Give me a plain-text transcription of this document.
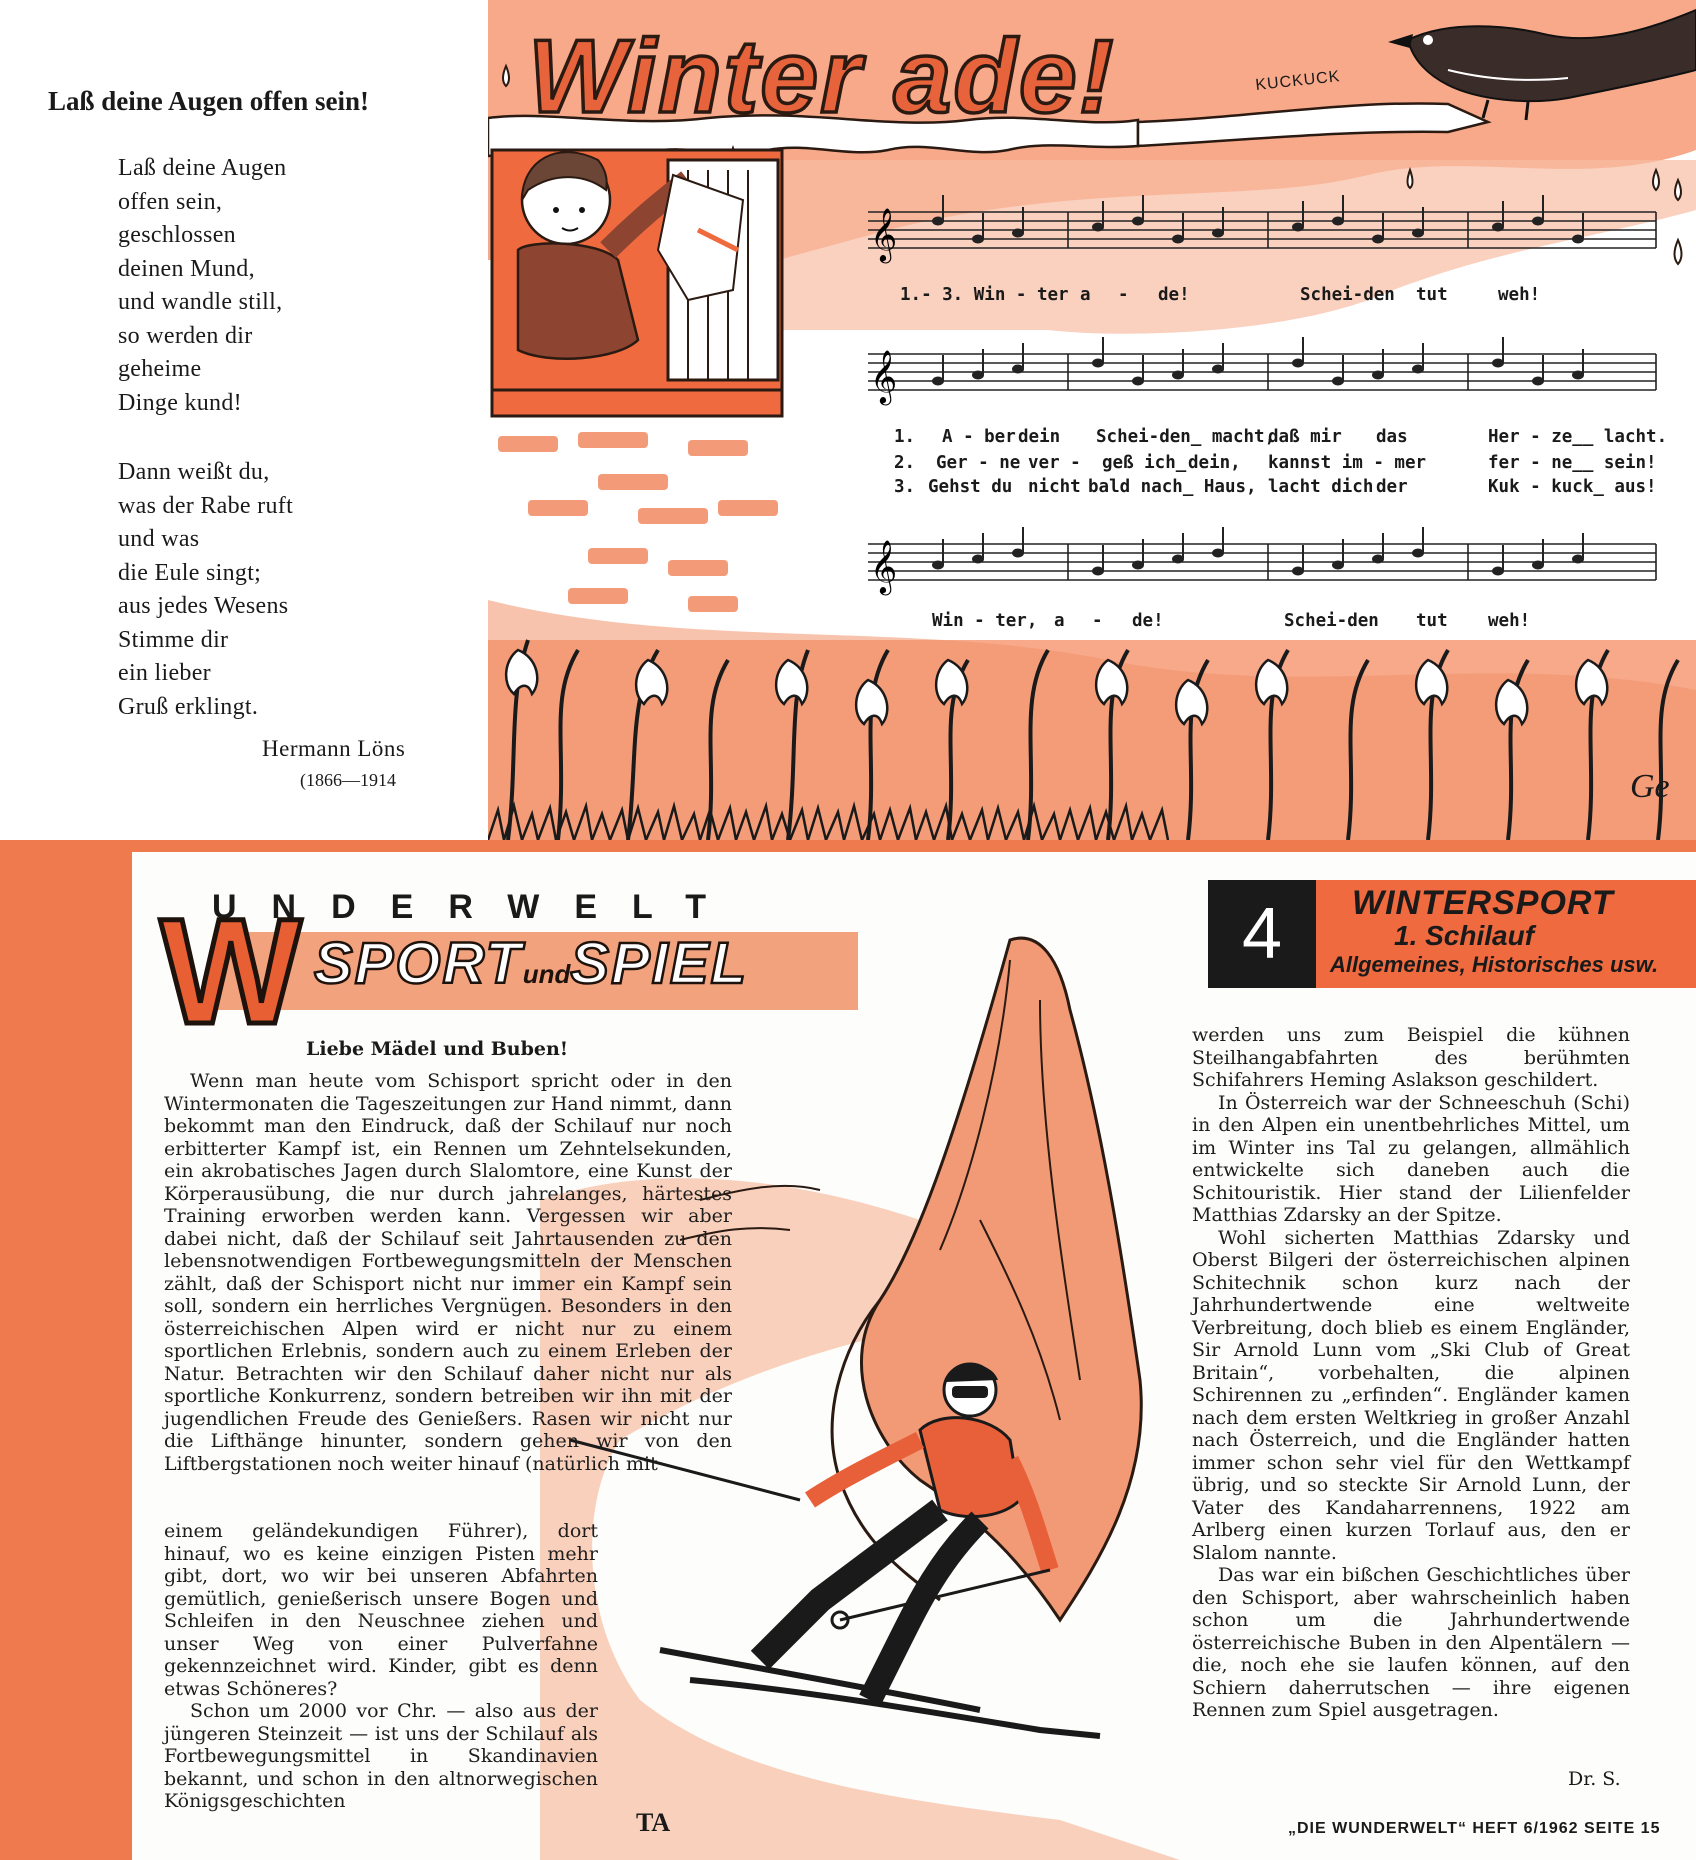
Laß deine Augen offen sein!
Laß deine Augen
offen sein,
geschlossen
deinen Mund,
und wandle still,
so werden dir
geheime
Dinge kund!
Dann weißt du,
was der Rabe ruft
und was
die Eule singt;
aus jedes Wesens
Stimme dir
ein lieber
Gruß erklingt.
Hermann Löns
(1866—1914
Winter ade!	KUCKUCK
𝄞
𝄞
𝄞
1.- 3. Win - ter a - de!	Schei-den tut	weh!
1. A - ber dein Schei-den_ macht,
daß mir das	Her - ze__ lacht.
2. Ger - ne ver - geß ich_ dein, kannst im - mer	fer - ne__ sein!
3. Gehst du nicht bald nach_ Haus, lacht dich der	Kuk - kuck_ aus!
Win - ter, a - de!	Schei-den tut weh!
Ge
TA
UNDERWELT
W SPORTundSPIEL	4	WINTERSPORT
1. Schilauf
Allgemeines, Historisches usw.
Liebe Mädel und Buben!

Wenn man heute vom Schisport spricht oder in den Wintermonaten die Tageszeitungen zur Hand nimmt, dann bekommt man den Eindruck, daß der Schilauf nur noch erbitterter Kampf ist, ein Rennen um Zehntelsekunden, ein akrobatisches Jagen durch Slalomtore, eine Kunst der Körperausübung, die nur durch jahrelanges, härtestes Training erworben werden kann. Vergessen wir aber dabei nicht, daß der Schilauf seit Jahrtausenden zu den lebensnotwendigen Fortbewegungsmitteln der Menschen zählt, daß der Schisport nicht nur immer ein Kampf sein soll, sondern ein herrliches Vergnügen. Besonders in den österreichischen Alpen wird er nicht nur zu einem sportlichen Erlebnis, sondern auch zu einem Erleben der Natur. Betrachten wir den Schilauf daher nicht nur als sportliche Konkurrenz, sondern betreiben wir ihn mit der jugendlichen Freude des Genießers. Rasen wir nicht nur die Lifthänge hinunter, sondern gehen wir von den Liftbergstationen noch weiter hinauf (natürlich mit

einem geländekundigen Führer), dort hinauf, wo es keine einzigen Pisten mehr gibt, dort, wo wir bei unseren Abfahrten gemütlich, genießerisch unsere Bogen und Schleifen in den Neuschnee ziehen und unser Weg von einer Pulverfahne gekennzeichnet wird. Kinder, gibt es denn etwas Schöneres?

Schon um 2000 vor Chr. — also aus der jüngeren Steinzeit — ist uns der Schilauf als Fortbewegungsmittel in Skandinavien bekannt, und schon in den altnorwegischen Königsgeschichten

werden uns zum Beispiel die kühnen Steilhangabfahrten des berühmten Schifahrers Heming Aslakson geschildert.

In Österreich war der Schneeschuh (Schi) in den Alpen ein unentbehrliches Mittel, um im Winter ins Tal zu gelangen, allmählich entwickelte sich daneben auch die Schitouristik. Hier stand der Lilienfelder Matthias Zdarsky an der Spitze.

Wohl sicherten Matthias Zdarsky und Oberst Bilgeri der österreichischen alpinen Schitechnik schon kurz nach der Jahrhundertwende eine weltweite Verbreitung, doch blieb es einem Engländer, Sir Arnold Lunn vom „Ski Club of Great Britain“, vorbehalten, die alpinen Schirennen zu „erfinden“. Engländer kamen nach dem ersten Weltkrieg in großer Anzahl nach Österreich, und die Engländer hatten immer schon sehr viel für den Wettkampf übrig, und so steckte Sir Arnold Lunn, der Vater des Kandaharrennens, 1922 am Arlberg einen kurzen Torlauf aus, den er Slalom nannte.

Das war ein bißchen Geschichtliches über den Schisport, aber wahrscheinlich haben schon um die Jahrhundertwende österreichische Buben in den Alpentälern — die, noch ehe sie laufen können, auf den Schiern daherrutschen — ihre eigenen Rennen zum Spiel ausgetragen.

Dr. S.
„DIE WUNDERWELT“ HEFT 6/1962 SEITE 15
